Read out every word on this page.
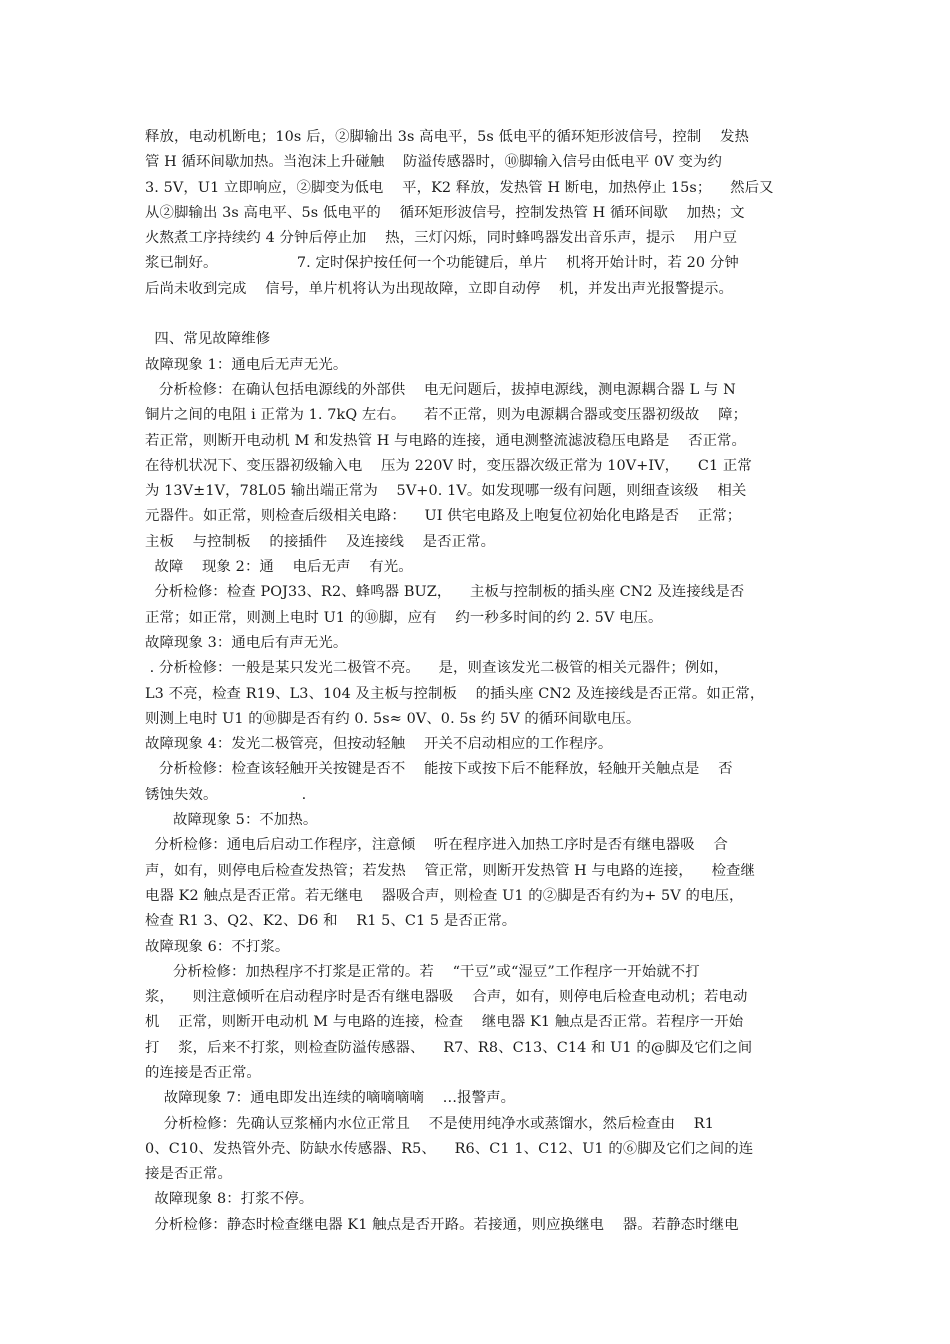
释放，电动机断电；10s 后，②脚输出 3s 高电平，5s 低电平的循环矩形波信号，控制    发热
管 H 循环间歇加热。当泡沫上升碰触    防溢传感器时，⑩脚输入信号由低电平 0V 变为约
3. 5V，U1 立即响应，②脚变为低电    平，K2 释放，发热管 H 断电，加热停止 15s；    然后又
从②脚输出 3s 高电平、5s 低电平的    循环矩形波信号，控制发热管 H 循环间歇    加热；文
火熬煮工序持续约 4 分钟后停止加    热，三灯闪烁，同时蜂鸣器发出音乐声，提示    用户豆
浆已制好。                 7. 定时保护按任何一个功能键后，单片    机将开始计时，若 20 分钟
后尚未收到完成    信号，单片机将认为出现故障，立即自动停    机，并发出声光报警提示。
四、常见故障维修
故障现象 1：通电后无声无光。
分析检修：在确认包括电源线的外部供    电无问题后，拔掉电源线，测电源耦合器 L 与 N
铜片之间的电阻 i 正常为 1. 7kQ 左右。    若不正常，则为电源耦合器或变压器初级故    障；
若正常，则断开电动机 M 和发热管 H 与电路的连接，通电测整流滤波稳压电路是    否正常。
在待机状况下、变压器初级输入电    压为 220V 时，变压器次级正常为 10V+IV，    C1 正常
为 13V±1V，78L05 输出端正常为    5V+0. 1V。如发现哪一级有问题，则细查该级    相关
元器件。如正常，则检查后级相关电路：    UI 供宅电路及上咆复位初始化电路是否    正常；
主板    与控制板    的接插件    及连接线    是否正常。
故障    现象 2：通    电后无声    有光。
分析检修：检查 POJ33、R2、蜂鸣器 BUZ，    主板与控制板的插头座 CN2 及连接线是否
正常；如正常，则测上电时 U1 的⑩脚，应有    约一秒多时间的约 2. 5V 电压。
故障现象 3：通电后有声无光。
. 分析检修：一般是某只发光二极管不亮。    是，则查该发光二极管的相关元器件；例如，
L3 不亮，检查 R19、L3、104 及主板与控制板    的插头座 CN2 及连接线是否正常。如正常，
则测上电时 U1 的⑩脚是否有约 0. 5s≈ 0V、0. 5s 约 5V 的循环间歇电压。
故障现象 4：发光二极管亮，但按动轻触    开关不启动相应的工作程序。
分析检修：检查该轻触开关按键是否不    能按下或按下后不能释放，轻触开关触点是    否
锈蚀失效。                  .
故障现象 5：不加热。
分析检修：通电后启动工作程序，注意倾    听在程序进入加热工序时是否有继电器吸    合
声，如有，则停电后检查发热管；若发热    管正常，则断开发热管 H 与电路的连接，    检查继
电器 K2 触点是否正常。若无继电    器吸合声，则检查 U1 的②脚是否有约为+ 5V 的电压，
检查 R1 3、Q2、K2、D6 和    R1 5、C1 5 是否正常。
故障现象 6：不打浆。
分析检修：加热程序不打浆是正常的。若    “干豆”或“湿豆”工作程序一开始就不打
浆，    则注意倾听在启动程序时是否有继电器吸    合声，如有，则停电后检查电动机；若电动
机    正常，则断开电动机 M 与电路的连接，检查    继电器 K1 触点是否正常。若程序一开始
打    浆，后来不打浆，则检查防溢传感器、    R7、R8、C13、C14 和 U1 的@脚及它们之间
的连接是否正常。
故障现象 7：通电即发出连续的嘀嘀嘀嘀    …报警声。
分析检修：先确认豆浆桶内水位正常且    不是使用纯净水或蒸馏水，然后检查由    R1
0、C10、发热管外壳、防缺水传感器、R5、    R6、C1 1、C12、U1 的⑥脚及它们之间的连
接是否正常。
故障现象 8：打浆不停。
分析检修：静态时检查继电器 K1 触点是否开路。若接通，则应换继电    器。若静态时继电
